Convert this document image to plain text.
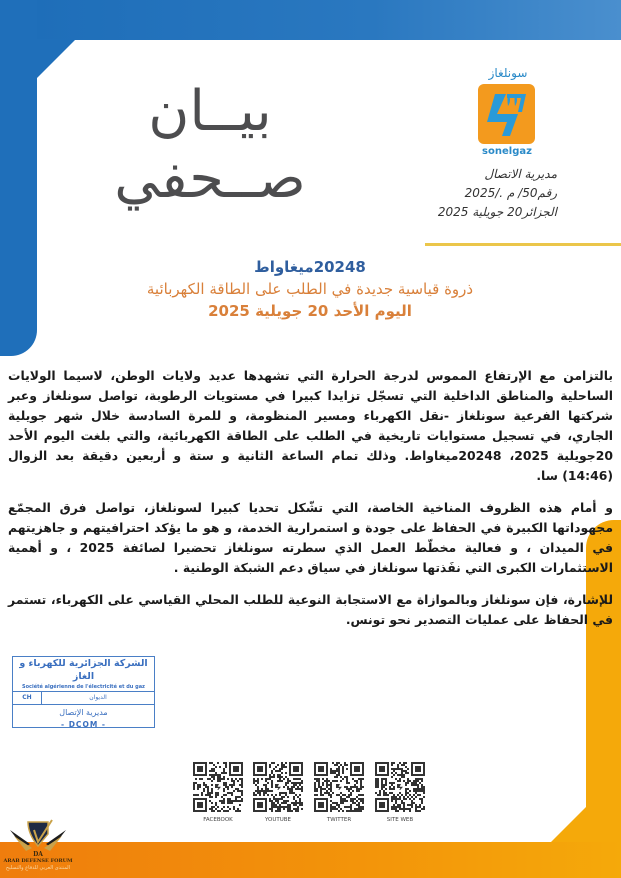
بيــان صــحفي
سونلغاز
sonelgaz
مديرية الاتصال
رقم50/ م ./2025
الجزائر20 جويلية 2025
20248ميغاواط
ذروة قياسية جديدة في الطلب على الطاقة الكهربائية
اليوم الأحد 20 جويلية 2025

بالتزامن مع الإرتفاع المموس لدرجة الحرارة التي تشهدها عديد ولايات الوطن، لاسيما الولايات الساحلية والمناطق الداخلية التي تسجّل تزايدا كبيرا في مستويات الرطوبة، تواصل سونلغاز وعبر شركتها الفرعية سونلغاز -نقل الكهرباء ومسير المنظومة، و للمرة السادسة خلال شهر جويلية الجاري، في تسجيل مستوايات تاريخية في الطلب على الطاقة الكهربائية، والتي بلغت اليوم الأحد 20جويلية 2025، 20248ميغاواط. وذلك تمام الساعة الثانية و ستة و أربعين دقيقة بعد الزوال (14:46) سا.

و أمام هذه الظروف المناخية الخاصة، التي تشّكل تحديا كبيرا لسونلغاز، تواصل فرق المجمّع مجهوداتها الكبيرة في الحفاظ على جودة و استمرارية الخدمة، و هو ما يؤكد احترافيتهم و جاهزيتهم في الميدان ، و فعالية مخطّط العمل الذي سطرته سونلغاز تحضيرا لصائفة 2025 ، و أهمية الاستثمارات الكبرى التي نفَذتها سونلغاز في سياق دعم الشبكة الوطنية .

للإشارة، فإن سونلغاز وبالموازاة مع الاستجابة النوعية للطلب المحلي القياسي على الكهرباء، تستمر في الحفاظ على عمليات التصدير نحو تونس.

الشركة الجزائرية للكهرباء و الغاز
Société algérienne de l'électricité et du gaz
CH	الديوان
مديرية الإتصال
- DCOM -
FACEBOOK	YOUTUBE	TWITTER	SITE WEB
DA
ARAB DEFENSE FORUM
المنتدى العربي للدفاع والتسليح
